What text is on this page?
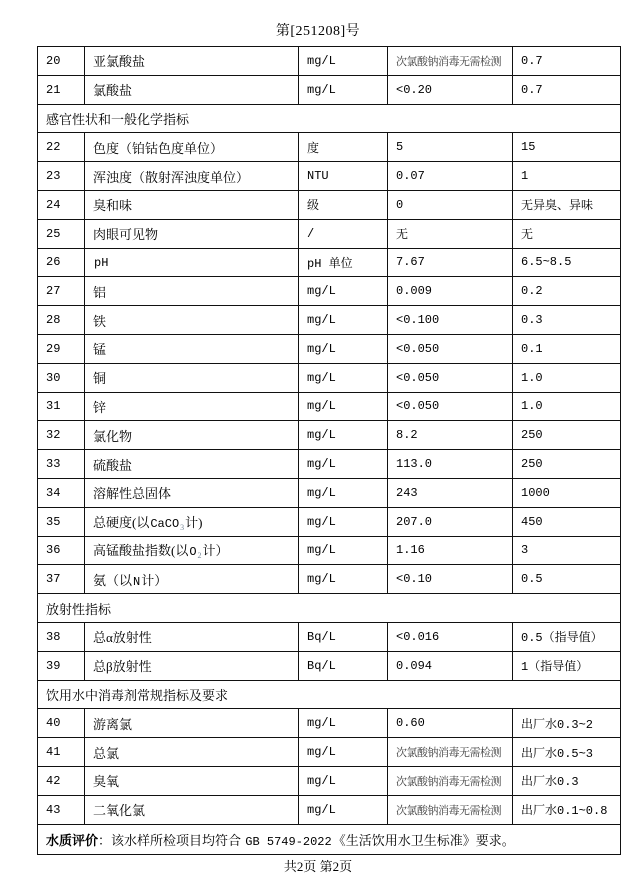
第[251208]号
20	亚氯酸盐	mg/L	次氯酸钠消毒无需检测	0.7
21	氯酸盐	mg/L	<0.20	0.7
感官性状和一般化学指标				
22	色度（铂钴色度单位）	度	5	15
23	浑浊度（散射浑浊度单位）	NTU	0.07	1
24	臭和味	级	0	无异臭、异味
25	肉眼可见物	/	无	无
26	pH	pH 单位	7.67	6.5~8.5
27	铝	mg/L	0.009	0.2
28	铁	mg/L	<0.100	0.3
29	锰	mg/L	<0.050	0.1
30	铜	mg/L	<0.050	1.0
31	锌	mg/L	<0.050	1.0
32	氯化物	mg/L	8.2	250
33	硫酸盐	mg/L	113.0	250
34	溶解性总固体	mg/L	243	1000
35	总硬度(以CaCO$_3$计)	mg/L	207.0	450
36	高锰酸盐指数(以$O_2$计）	mg/L	1.16	3
37	氨（以N计）	mg/L	<0.10	0.5
放射性指标				
38	总α放射性	Bq/L	<0.016	0.5（指导值）
39	总β放射性	Bq/L	0.094	1（指导值）
饮用水中消毒剂常规指标及要求				
40	游离氯	mg/L	0.60	出厂水0.3~2
41	总氯	mg/L	次氯酸钠消毒无需检测	出厂水0.5~3
42	臭氧	mg/L	次氯酸钠消毒无需检测	出厂水0.3
43	二氧化氯	mg/L	次氯酸钠消毒无需检测	出厂水0.1~0.8
水质评价：该水样所检项目均符合 GB 5749-2022《生活饮用水卫生标准》要求。				
共2页 第2页
